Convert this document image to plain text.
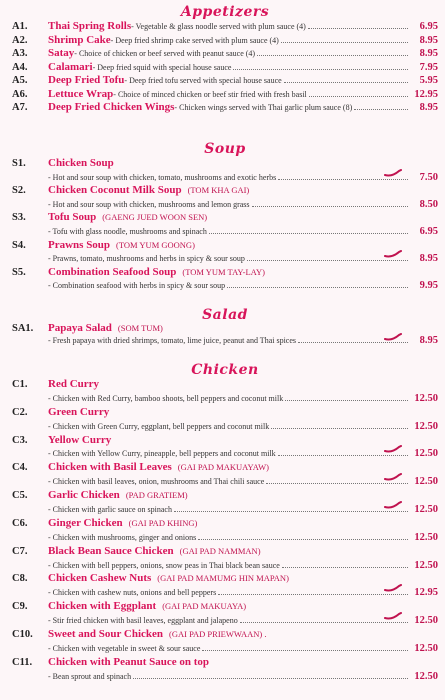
Appetizers
A1.	Thai Spring Rolls - Vegetable & glass noodle served with plum sauce (4)	6.95
A2.	Shrimp Cake - Deep fried shrimp cake served with plum sauce (4)	8.95
A3.	Satay - Choice of chicken or beef served with peanut sauce (4)	8.95
A4.	Calamari - Deep fried squid with special house sauce	7.95
A5.	Deep Fried Tofu - Deep fried tofu served with special house sauce	5.95
A6.	Lettuce Wrap - Choice of minced chicken or beef stir fried with fresh basil	12.95
A7.	Deep Fried Chicken Wings - Chicken wings served with Thai garlic plum sauce (8)	8.95
Soup
S1.	Chicken Soup
- Hot and sour soup with chicken, tomato, mushrooms and exotic herbs	7.50
S2.	Chicken Coconut Milk Soup (TOM KHA GAI)
- Hot and sour soup with chicken, mushrooms and lemon grass	8.50
S3.	Tofu Soup (GAENG JUED WOON SEN)
- Tofu with glass noodle, mushrooms and spinach	6.95
S4.	Prawns Soup (TOM YUM GOONG)
- Prawns, tomato, mushrooms and herbs in spicy & sour soup	8.95
S5.	Combination Seafood Soup (TOM YUM TAY-LAY)
- Combination seafood with herbs in spicy & sour soup	9.95
Salad
SA1.	Papaya Salad (SOM TUM)
- Fresh papaya with dried shrimps, tomato, lime juice, peanut and Thai spices	8.95
Chicken
C1.	Red Curry
- Chicken with Red Curry, bamboo shoots, bell peppers and coconut milk	12.50
C2.	Green Curry
- Chicken with Green Curry, eggplant, bell peppers and coconut milk	12.50
C3.	Yellow Curry
- Chicken with Yellow Curry, pineapple, bell peppers and coconut milk	12.50
C4.	Chicken with Basil Leaves (GAI PAD MAKUAYAW)
- Chicken with basil leaves, onion, mushrooms and Thai chili sauce	12.50
C5.	Garlic Chicken (PAD GRATIEM)
- Chicken with garlic sauce on spinach	12.50
C6.	Ginger Chicken (GAI PAD KHING)
- Chicken with mushrooms, ginger and onions	12.50
C7.	Black Bean Sauce Chicken (GAI PAD NAMMAN)
- Chicken with bell peppers, onions, snow peas in Thai black bean sauce	12.50
C8.	Chicken Cashew Nuts (GAI PAD MAMUMG HIN MAPAN)
- Chicken with cashew nuts, onions and bell peppers	12.95
C9.	Chicken with Eggplant (GAI PAD MAKUAYA)
- Stir fried chicken with basil leaves, eggplant and jalapeno	12.50
C10.	Sweet and Sour Chicken (GAI PAD PRIEWWAAN) .
- Chicken with vegetable in sweet & sour sauce	12.50
C11.	Chicken with Peanut Sauce on top
- Bean sprout and spinach	12.50
